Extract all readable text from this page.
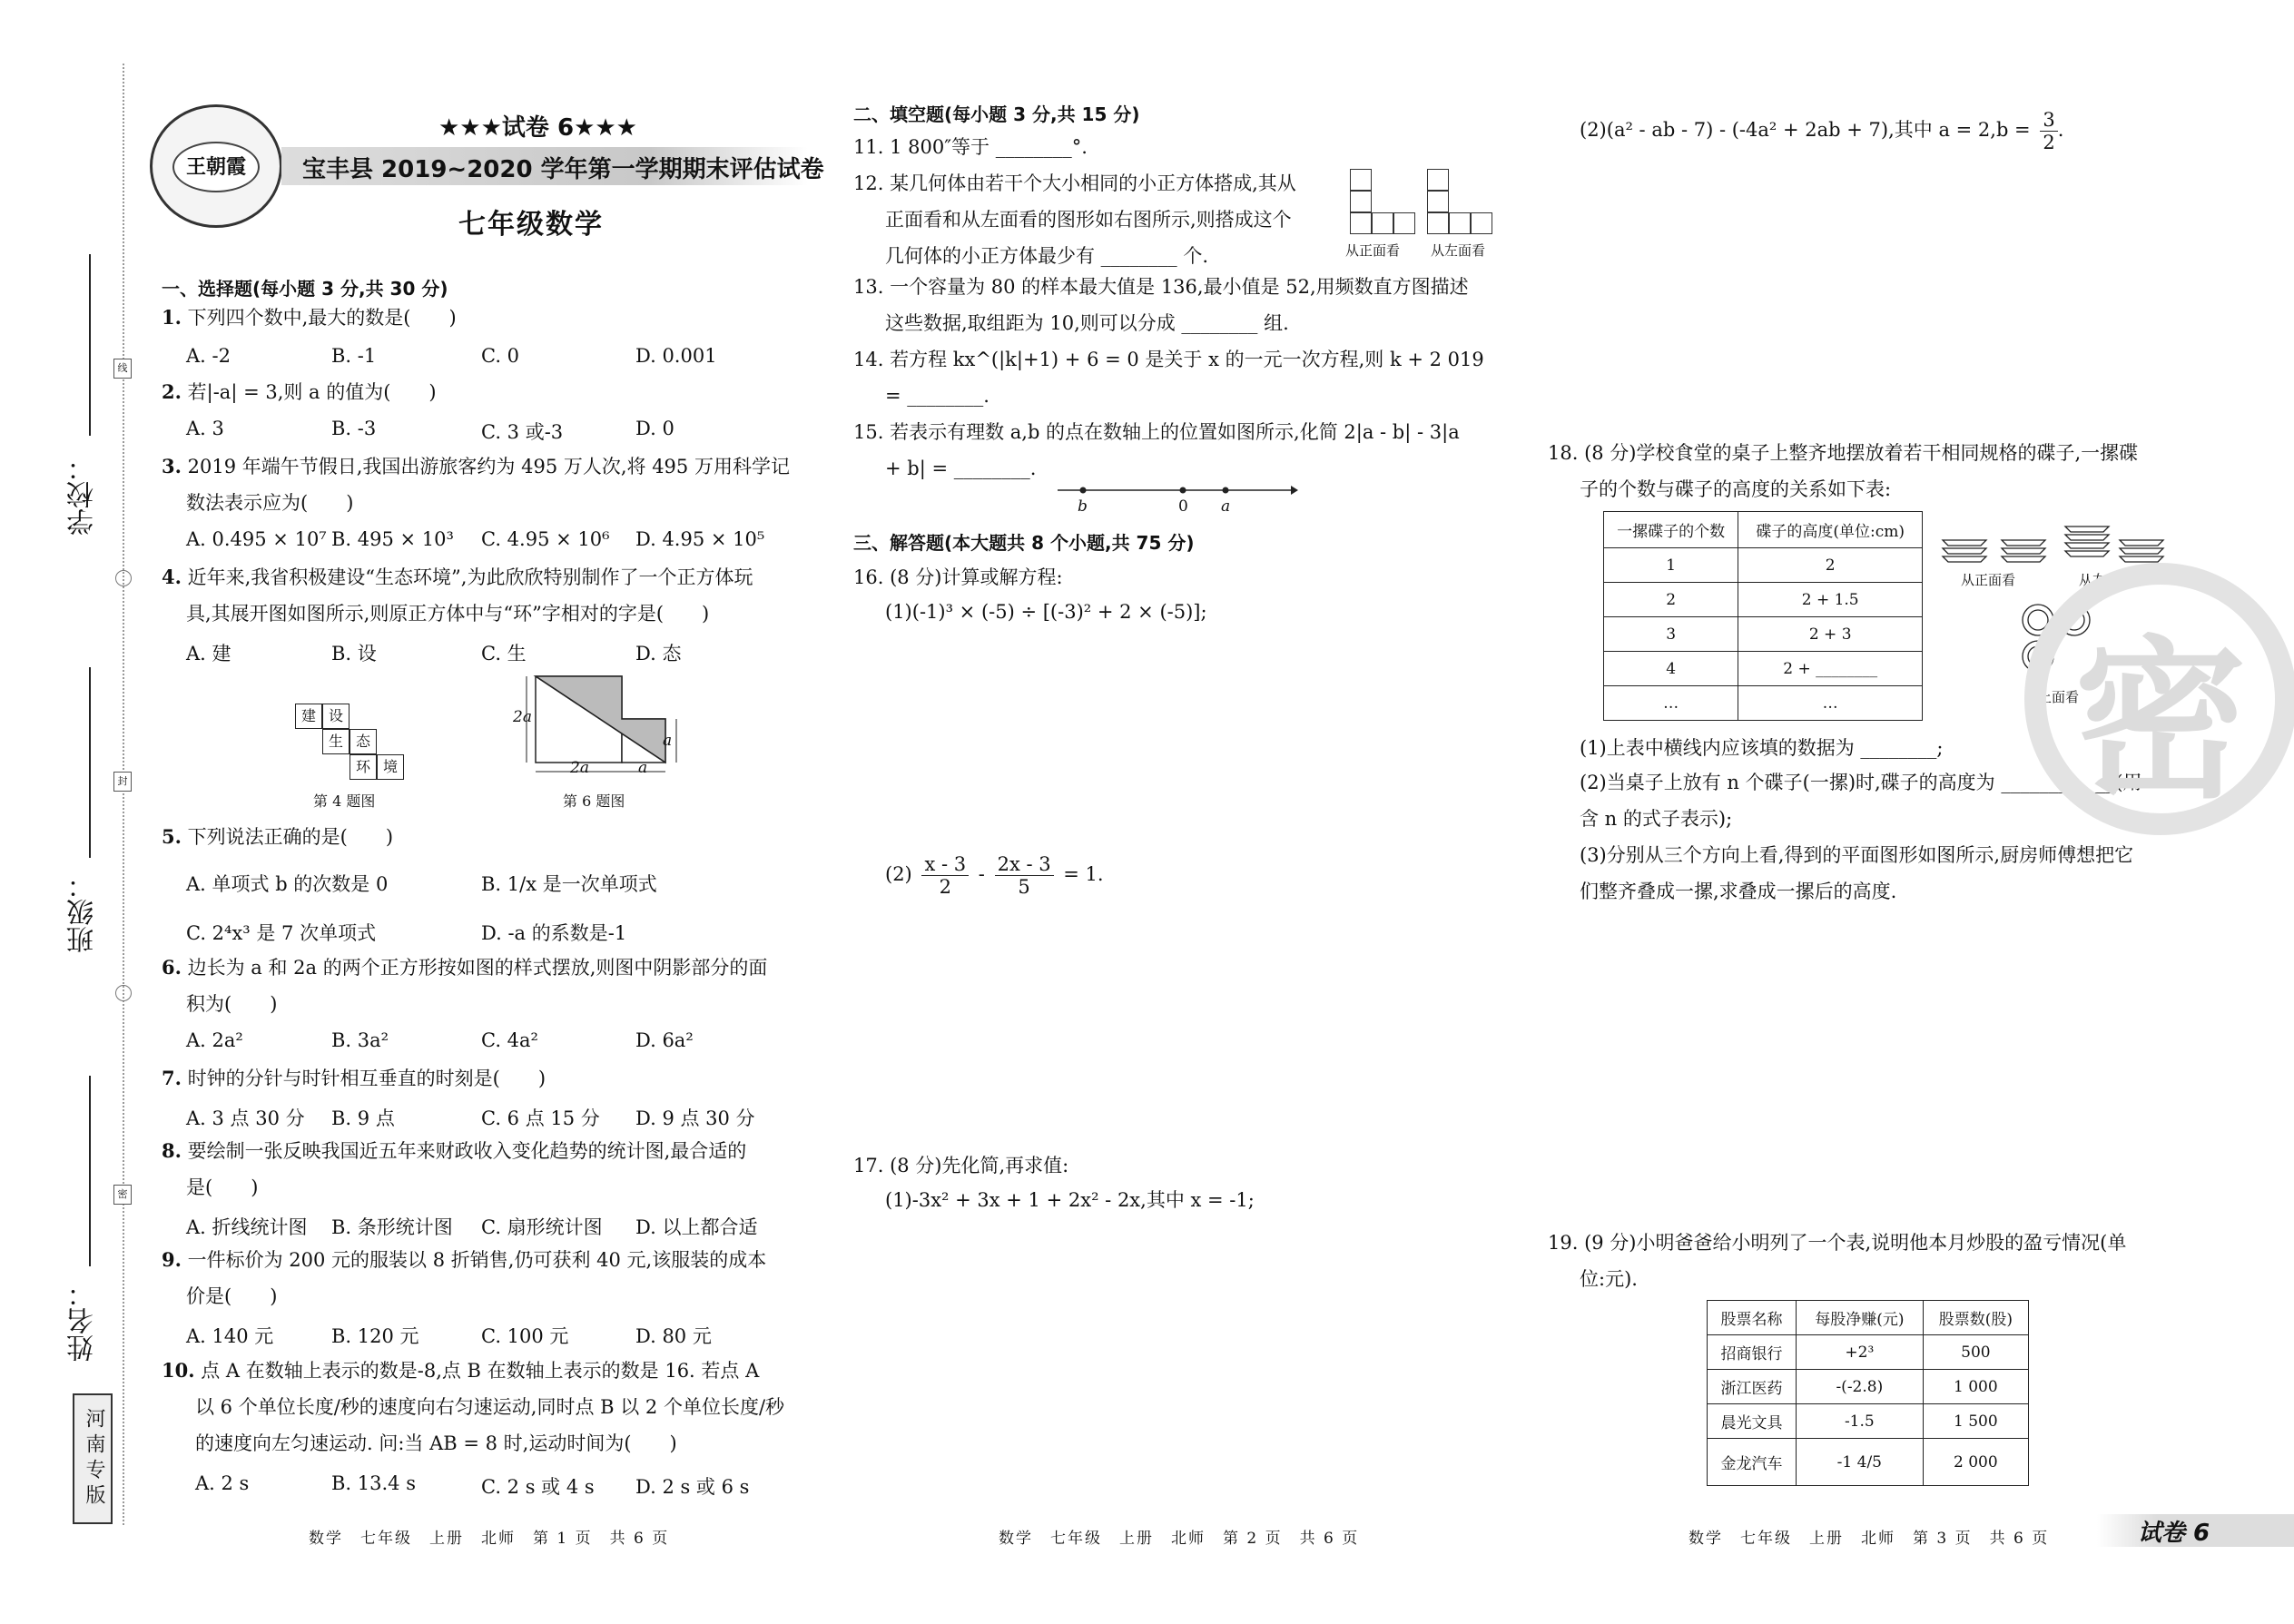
学校：
班级：
姓名：
线
封
密
河南专版
王朝霞
★★★试卷 6★★★
宝丰县 2019~2020 学年第一学期期末评估试卷
七年级数学
一、选择题(每小题 3 分,共 30 分)
1. 下列四个数中,最大的数是(　　)
A. -2	B. -1	C. 0	D. 0.001
2. 若|-a| = 3,则 a 的值为(　　)
A. 3	B. -3	C. 3 或-3	D. 0
3. 2019 年端午节假日,我国出游旅客约为 495 万人次,将 495 万用科学记
数法表示应为(　　)
A. 0.495 × 10⁷ B. 495 × 10³ C. 4.95 × 10⁶ D. 4.95 × 10⁵
4. 近年来,我省积极建设“生态环境”,为此欣欣特别制作了一个正方体玩
具,其展开图如图所示,则原正方体中与“环”字相对的字是(　　)
A. 建	B. 设	C. 生	D. 态
建 设
生 态
环 境
第 4 题图
2a
2a	a
a
第 6 题图
5. 下列说法正确的是(　　)
A. 单项式 b 的次数是 0	B. 1/x 是一次单项式
C. 2⁴x³ 是 7 次单项式	D. -a 的系数是-1
6. 边长为 a 和 2a 的两个正方形按如图的样式摆放,则图中阴影部分的面
积为(　　)
A. 2a²	B. 3a²	C. 4a²	D. 6a²
7. 时钟的分针与时针相互垂直的时刻是(　　)
A. 3 点 30 分 B. 9 点	C. 6 点 15 分 D. 9 点 30 分
8. 要绘制一张反映我国近五年来财政收入变化趋势的统计图,最合适的
是(　　)
A. 折线统计图 B. 条形统计图 C. 扇形统计图 D. 以上都合适
9. 一件标价为 200 元的服装以 8 折销售,仍可获利 40 元,该服装的成本
价是(　　)
A. 140 元	B. 120 元	C. 100 元	D. 80 元
10. 点 A 在数轴上表示的数是-8,点 B 在数轴上表示的数是 16. 若点 A
以 6 个单位长度/秒的速度向右匀速运动,同时点 B 以 2 个单位长度/秒
的速度向左匀速运动. 问:当 AB = 8 时,运动时间为(　　)
A. 2 s	B. 13.4 s	C. 2 s 或 4 s D. 2 s 或 6 s
二、填空题(每小题 3 分,共 15 分)
11. 1 800″等于 ________°.
12. 某几何体由若干个大小相同的小正方体搭成,其从
正面看和从左面看的图形如右图所示,则搭成这个
几何体的小正方体最少有 ________ 个.	从正面看 从左面看
13. 一个容量为 80 的样本最大值是 136,最小值是 52,用频数直方图描述
这些数据,取组距为 10,则可以分成 ________ 组.
14. 若方程 kx^(|k|+1) + 6 = 0 是关于 x 的一元一次方程,则 k + 2 019
= ________.
15. 若表示有理数 a,b 的点在数轴上的位置如图所示,化简 2|a - b| - 3|a
+ b| = ________.
b	0 a
三、解答题(本大题共 8 个小题,共 75 分)
16. (8 分)计算或解方程:
(1)(-1)³ × (-5) ÷ [(-3)² + 2 × (-5)];
$(2) \frac{x - 3}{2} - \frac{2x - 3}{5} = 1$.
17. (8 分)先化简,再求值:
(1)-3x² + 3x + 1 + 2x² - 2x,其中 x = -1;
(2)(a² - ab - 7) - (-4a² + 2ab + 7),其中 $a = 2,b = \frac{3}{2}$ .
18. (8 分)学校食堂的桌子上整齐地摆放着若干相同规格的碟子,一摞碟
子的个数与碟子的高度的关系如下表:
一摞碟子的个数	碟子的高度(单位:cm)
1	2
2	2 + 1.5
3	2 + 3
4	2 + ________
…	…
从正面看	从左面看
从上面看
(1)上表中横线内应该填的数据为 ________;
(2)当桌子上放有 n 个碟子(一摞)时,碟子的高度为 ____________(用
含 n 的式子表示);
(3)分别从三个方向上看,得到的平面图形如图所示,厨房师傅想把它
们整齐叠成一摞,求叠成一摞后的高度.
密
19. (9 分)小明爸爸给小明列了一个表,说明他本月炒股的盈亏情况(单
位:元).
股票名称	每股净赚(元)	股票数(股)
招商银行	+2³	500
浙江医药	-(-2.8)	1 000
晨光文具	-1.5	1 500
金龙汽车	-1 4/5	2 000
数学　七年级　上册　北师　第 1 页　共 6 页	数学　七年级　上册　北师　第 2 页　共 6 页	数学　七年级　上册　北师　第 3 页　共 6 页	试卷 6
